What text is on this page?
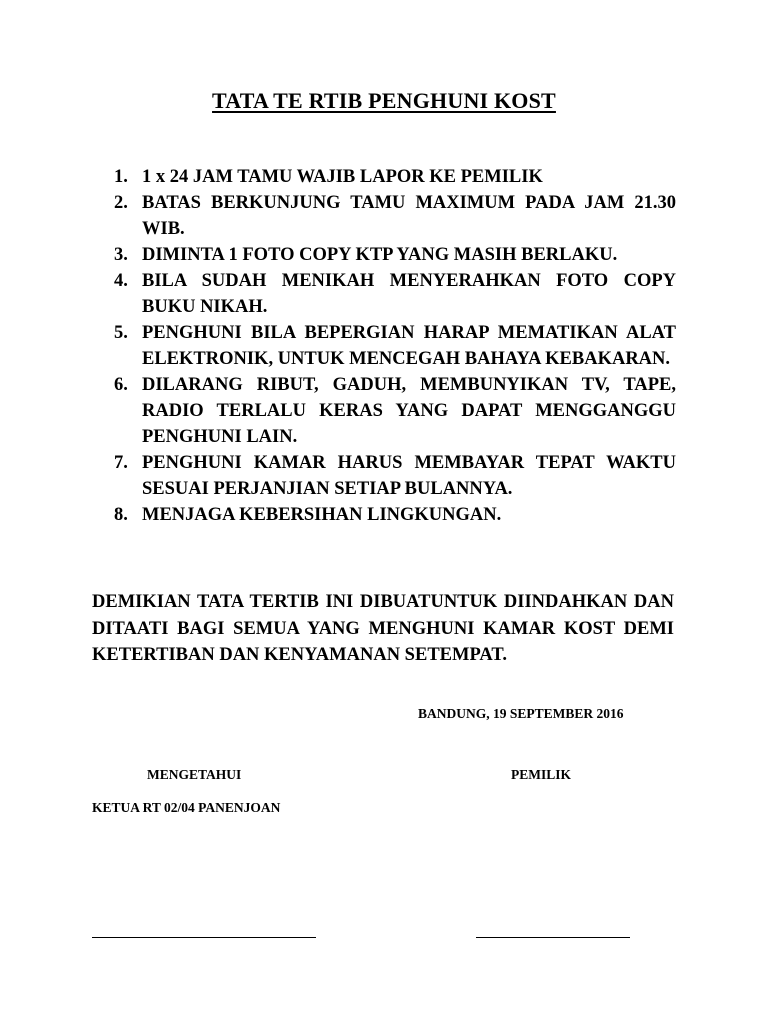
TATA TE RTIB PENGHUNI KOST
1. 1 x 24 JAM TAMU WAJIB LAPOR KE PEMILIK
2. BATAS BERKUNJUNG TAMU MAXIMUM PADA JAM 21.30 WIB.
3. DIMINTA 1 FOTO COPY KTP YANG MASIH BERLAKU.
4. BILA SUDAH MENIKAH MENYERAHKAN FOTO COPY BUKU NIKAH.
5. PENGHUNI BILA BEPERGIAN HARAP MEMATIKAN ALAT ELEKTRONIK, UNTUK MENCEGAH BAHAYA KEBAKARAN.
6. DILARANG RIBUT, GADUH, MEMBUNYIKAN TV, TAPE, RADIO TERLALU KERAS YANG DAPAT MENGGANGGU PENGHUNI LAIN.
7. PENGHUNI KAMAR HARUS MEMBAYAR TEPAT WAKTU SESUAI PERJANJIAN SETIAP BULANNYA.
8. MENJAGA KEBERSIHAN LINGKUNGAN.

DEMIKIAN TATA TERTIB INI DIBUATUNTUK DIINDAHKAN DAN DITAATI BAGI SEMUA YANG MENGHUNI KAMAR KOST DEMI KETERTIBAN DAN KENYAMANAN SETEMPAT.

BANDUNG, 19 SEPTEMBER 2016
MENGETAHUI	PEMILIK
KETUA RT 02/04 PANENJOAN
